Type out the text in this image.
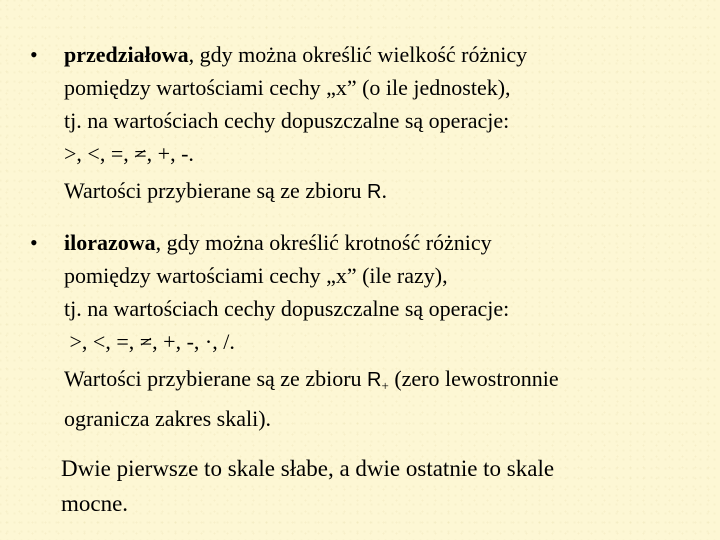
•	przedziałowa, gdy można określić wielkość różnicy
pomiędzy wartościami cechy „x” (o ile jednostek),
tj. na wartościach cechy dopuszczalne są operacje:
>, <, =, =, +, -.
Wartości przybierane są ze zbioru R.
•	ilorazowa, gdy można określić krotność różnicy
pomiędzy wartościami cechy „x” (ile razy),
tj. na wartościach cechy dopuszczalne są operacje:
>, <, =, =, +, -, ·, /.
Wartości przybierane są ze zbioru $R_+$ (zero lewostronnie
ogranicza zakres skali).
Dwie pierwsze to skale słabe, a dwie ostatnie to skale
mocne.
